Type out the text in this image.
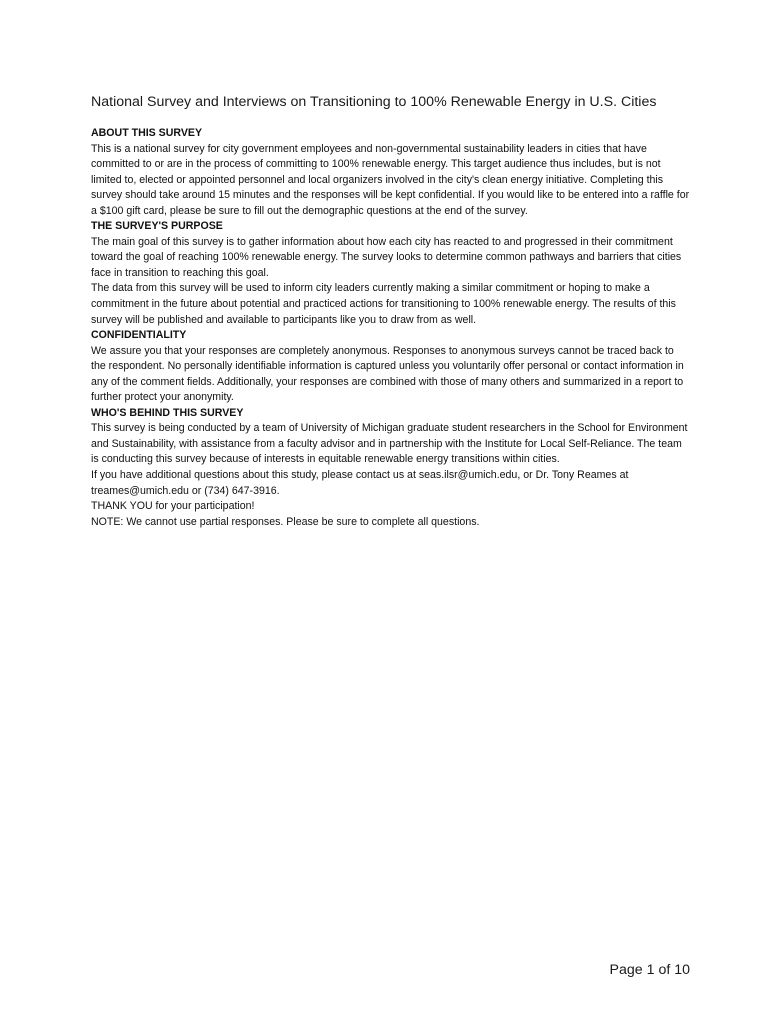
National Survey and Interviews on Transitioning to 100% Renewable Energy in U.S. Cities

ABOUT THIS SURVEY

This is a national survey for city government employees and non-governmental sustainability leaders in cities that have committed to or are in the process of committing to 100% renewable energy. This target audience thus includes, but is not limited to, elected or appointed personnel and local organizers involved in the city's clean energy initiative. Completing this survey should take around 15 minutes and the responses will be kept confidential. If you would like to be entered into a raffle for a $100 gift card, please be sure to fill out the demographic questions at the end of the survey.

THE SURVEY'S PURPOSE

The main goal of this survey is to gather information about how each city has reacted to and progressed in their commitment toward the goal of reaching 100% renewable energy. The survey looks to determine common pathways and barriers that cities face in transition to reaching this goal.

The data from this survey will be used to inform city leaders currently making a similar commitment or hoping to make a commitment in the future about potential and practiced actions for transitioning to 100% renewable energy. The results of this survey will be published and available to participants like you to draw from as well.

CONFIDENTIALITY

We assure you that your responses are completely anonymous. Responses to anonymous surveys cannot be traced back to the respondent. No personally identifiable information is captured unless you voluntarily offer personal or contact information in any of the comment fields. Additionally, your responses are combined with those of many others and summarized in a report to further protect your anonymity.

WHO'S BEHIND THIS SURVEY

This survey is being conducted by a team of University of Michigan graduate student researchers in the School for Environment and Sustainability, with assistance from a faculty advisor and in partnership with the Institute for Local Self-Reliance. The team is conducting this survey because of interests in equitable renewable energy transitions within cities.

If you have additional questions about this study, please contact us at seas.ilsr@umich.edu, or Dr. Tony Reames at treames@umich.edu or (734) 647-3916.

THANK YOU for your participation!

NOTE: We cannot use partial responses. Please be sure to complete all questions.

Page 1 of 10
